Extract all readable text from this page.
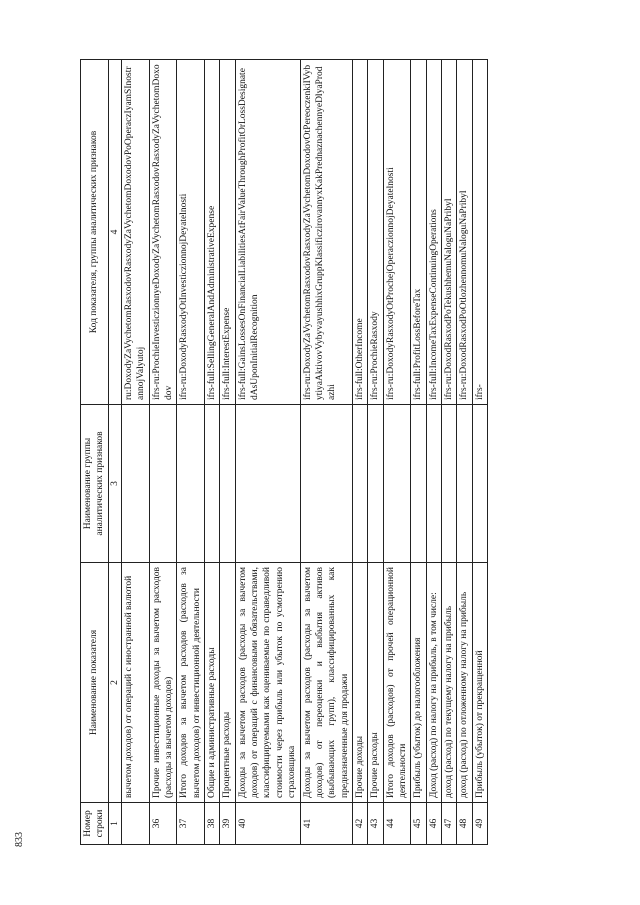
833
Номер строки	Наименование показателя	Наименование группы аналитических признаков	Код показателя, группы аналитических признаков
1	2	3	4
	вычетом доходов) от операций с иностранной валютой		ru:DoxodyZaVychetomRasxodovRasxodyZaVychetomDoxodovPoOperaczIyamSInostrannojValyutoj
36	Прочие инвестиционные доходы за вычетом расходов (расходы за вычетом доходов)		ifrs-ru:ProchieInvesticzionnyeDoxodyZaVychetomRasxodovRasxodyZaVychetomDoxodov
37	Итого доходов за вычетом расходов (расходов за вычетом доходов) от инвестиционной деятельности		ifrs-ru:DoxodyRasxodyOtInvesticzionnojDeyatelnosti
38	Общие и административные расходы		ifrs-full:SellingGeneralAndAdministrativeExpense
39	Процентные расходы		ifrs-full:InterestExpense
40	Доходы за вычетом расходов (расходы за вычетом доходов) от операций с финансовыми обязательствами, классифицируемыми как оцениваемые по справедливой стоимости через прибыль или убыток по усмотрению страховщика		ifrs-full:GainsLossesOnFinancialLiabilitiesAtFairValueThroughProfitOrLossDesignatedAsUponInitialRecognition
41	Доходы за вычетом расходов (расходы за вычетом доходов) от переоценки и выбытия активов (выбывающих групп), классифицированных как предназначенные для продажи		ifrs-ru:DoxodyZaVychetomRasxodovRasxodyZaVychetomDoxodovOtPereoczenkiIVybytiyaAktivovVybyvayushhixGruppKlassificzirovannyxKakPrednaznachennyeDlyaProdazhi
42	Прочие доходы		ifrs-full:OtherIncome
43	Прочие расходы		ifrs-ru:ProchieRasxody
44	Итого доходов (расходов) от прочей операционной деятельности		ifrs-ru:DoxodyRasxodyOtProchejOperaczionnojDeyatelnosti
45	Прибыль (убыток) до налогообложения		ifrs-full:ProfitLossBeforeTax
46	Доход (расход) по налогу на прибыль, в том числе:		ifrs-full:IncomeTaxExpenseContinuingOperations
47	доход (расход) по текущему налогу на прибыль		ifrs-ru:DoxodRasxodPoTekushhemuNaloguNaPribyl
48	доход (расход) по отложенному налогу на прибыль		ifrs-ru:DoxodRasxodPoOtlozhennomuNaloguNaPribyl
49	Прибыль (убыток) от прекращенной		ifrs-
